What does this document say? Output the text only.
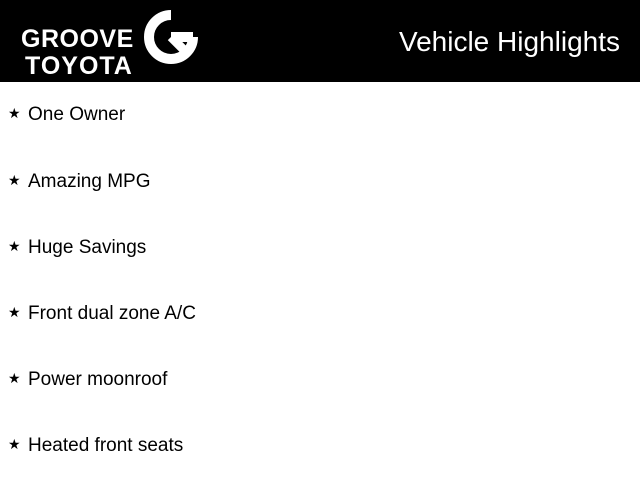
GROOVE
TOYOTA
Vehicle Highlights
★ One Owner
★ Amazing MPG
★ Huge Savings
★ Front dual zone A/C
★ Power moonroof
★ Heated front seats
